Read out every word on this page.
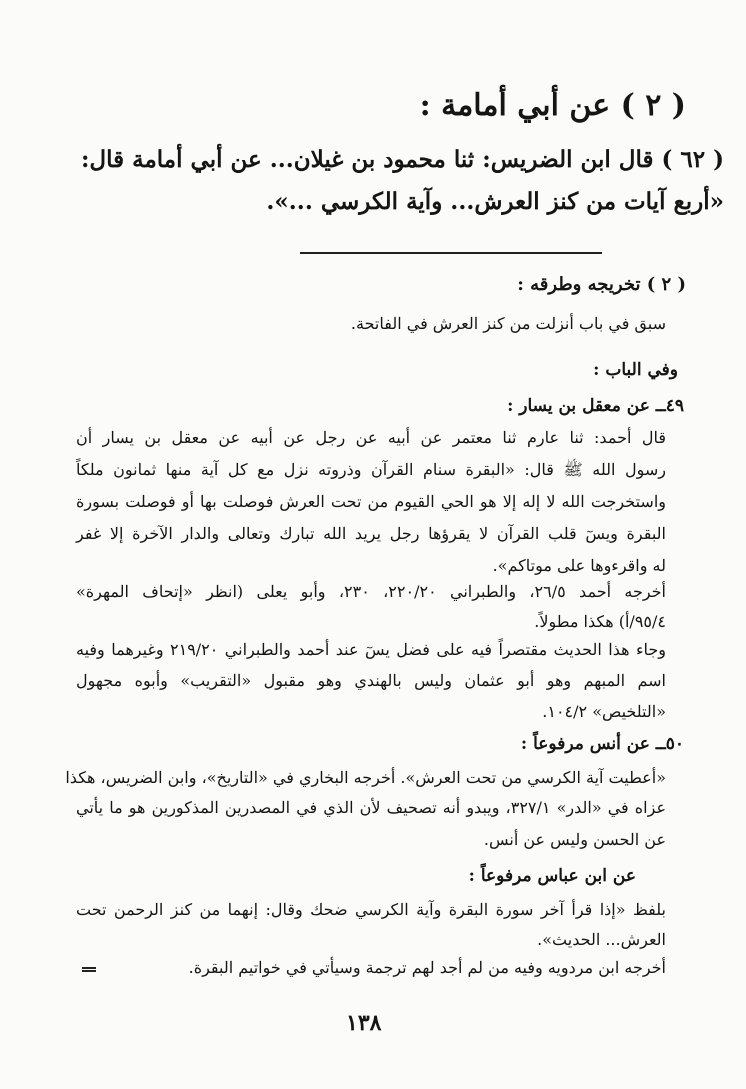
( ٢ ) عن أبي أمامة :
( ٦٢ ) قال ابن الضريس: ثنا محمود بن غيلان... عن أبي أمامة قال:
«أربع آيات من كنز العرش... وآية الكرسي ...».
( ٢ ) تخريجه وطرقه :
سبق في باب أنزلت من كنز العرش في الفاتحة.
وفي الباب :
٤٩ــ عن معقل بن يسار :
قال أحمد: ثنا عارم ثنا معتمر عن أبيه عن رجل عن أبيه عن معقل بن يسار أن
رسول الله ﷺ قال: «البقرة سنام القرآن وذروته نزل مع كل آية منها ثمانون ملكاً
واستخرجت الله لا إله إلا هو الحي القيوم من تحت العرش فوصلت بها أو فوصلت بسورة
البقرة ويسٓ قلب القرآن لا يقرؤها رجل يريد الله تبارك وتعالى والدار الآخرة إلا غفر
له واقرءوها على موتاكم».
أخرجه أحمد ٢٦/٥، والطبراني ٢٢٠/٢٠، ٢٣٠، وأبو يعلى (انظر «إتحاف المهرة»
٩٥/٤/أ) هكذا مطولاً.
وجاء هذا الحديث مقتصراً فيه على فضل يسٓ عند أحمد والطبراني ٢١٩/٢٠ وغيرهما وفيه
اسم المبهم وهو أبو عثمان وليس بالهندي وهو مقبول «التقريب» وأبوه مجهول
«التلخيص» ١٠٤/٢.
٥٠ــ عن أنس مرفوعاً :
«أعطيت آية الكرسي من تحت العرش». أخرجه البخاري في «التاريخ»، وابن الضريس، هكذا
عزاه في «الدر» ٣٢٧/١، ويبدو أنه تصحيف لأن الذي في المصدرين المذكورين هو ما يأتي
عن الحسن وليس عن أنس.
عن ابن عباس مرفوعاً :
بلفظ «إذا قرأ آخر سورة البقرة وآية الكرسي ضحك وقال: إنهما من كنز الرحمن تحت
العرش... الحديث».
أخرجه ابن مردويه وفيه من لم أجد لهم ترجمة وسيأتي في خواتيم البقرة.
١٣٨
